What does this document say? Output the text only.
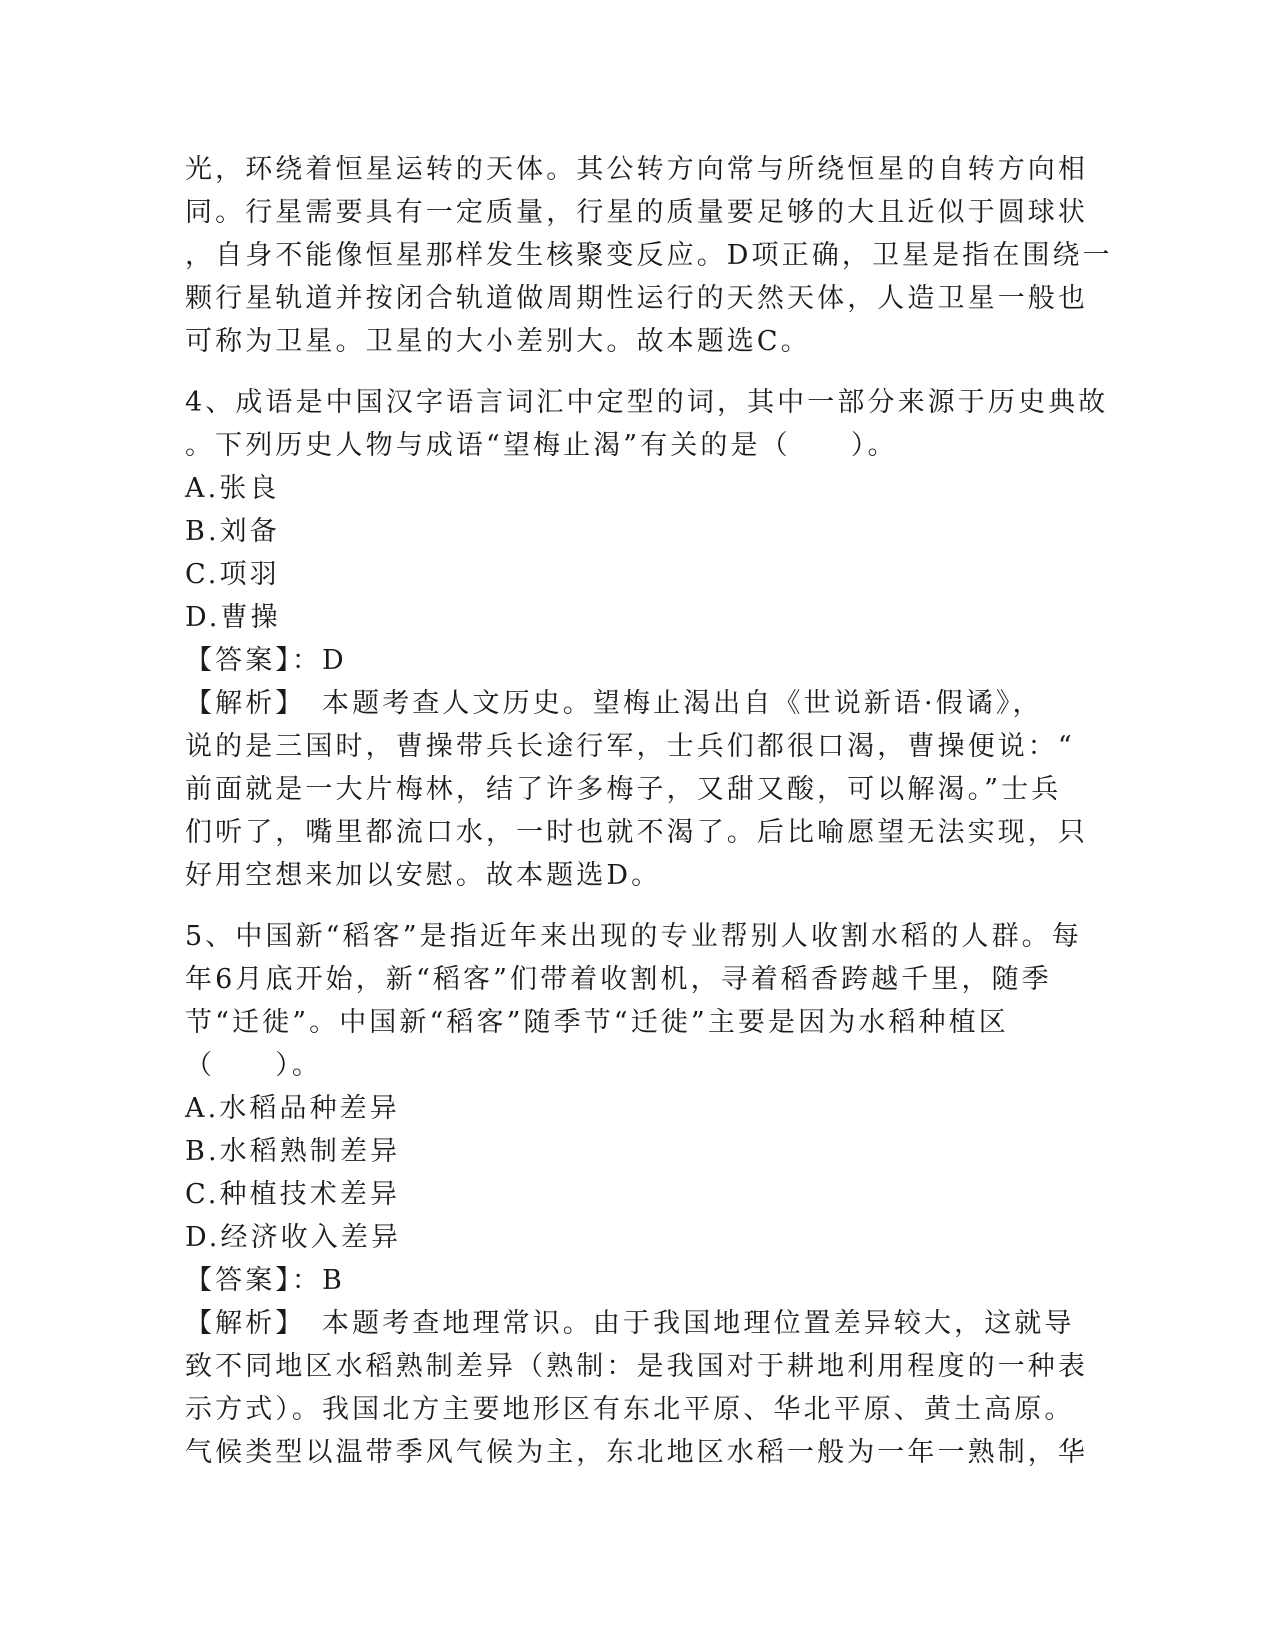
光，环绕着恒星运转的天体。其公转方向常与所绕恒星的自转方向相
同。行星需要具有一定质量，行星的质量要足够的大且近似于圆球状
，自身不能像恒星那样发生核聚变反应。D项正确，卫星是指在围绕一
颗行星轨道并按闭合轨道做周期性运行的天然天体，人造卫星一般也
可称为卫星。卫星的大小差别大。故本题选C。
4、成语是中国汉字语言词汇中定型的词，其中一部分来源于历史典故
。下列历史人物与成语“望梅止渴”有关的是（　　）。
A.张良
B.刘备
C.项羽
D.曹操
【答案】：D
【解析】　本题考查人文历史。望梅止渴出自《世说新语·假谲》，
说的是三国时，曹操带兵长途行军，士兵们都很口渴，曹操便说：“
前面就是一大片梅林，结了许多梅子，又甜又酸，可以解渴。”士兵
们听了，嘴里都流口水，一时也就不渴了。后比喻愿望无法实现，只
好用空想来加以安慰。故本题选D。
5、中国新“稻客”是指近年来出现的专业帮别人收割水稻的人群。每
年6月底开始，新“稻客”们带着收割机，寻着稻香跨越千里，随季
节“迁徙”。中国新“稻客”随季节“迁徙”主要是因为水稻种植区
（　　）。
A.水稻品种差异
B.水稻熟制差异
C.种植技术差异
D.经济收入差异
【答案】：B
【解析】　本题考查地理常识。由于我国地理位置差异较大，这就导
致不同地区水稻熟制差异（熟制：是我国对于耕地利用程度的一种表
示方式）。我国北方主要地形区有东北平原、华北平原、黄土高原。
气候类型以温带季风气候为主，东北地区水稻一般为一年一熟制，华
